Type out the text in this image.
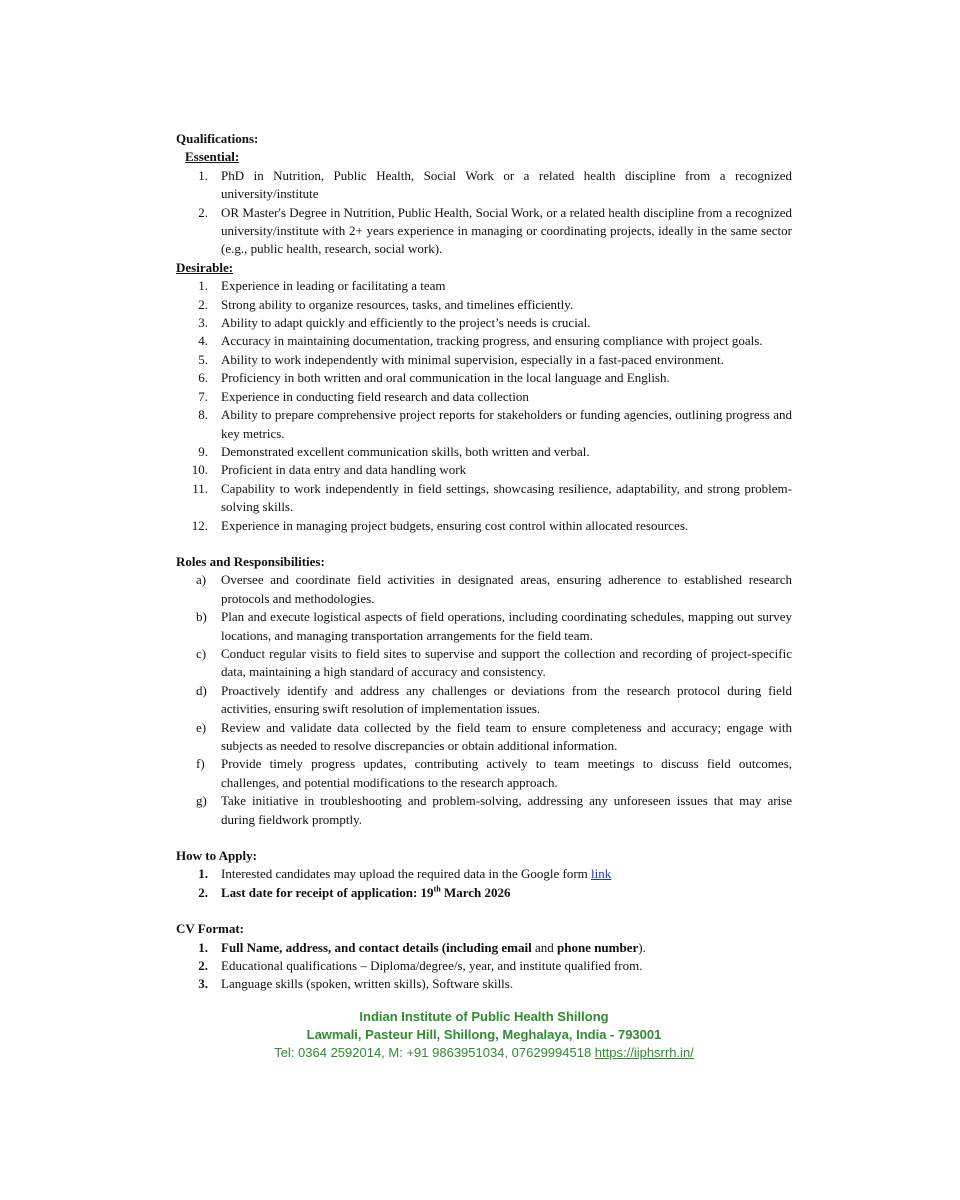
Qualifications:

Essential:

1. PhD in Nutrition, Public Health, Social Work or a related health discipline from a recognized university/institute
2. OR Master's Degree in Nutrition, Public Health, Social Work, or a related health discipline from a recognized university/institute with 2+ years experience in managing or coordinating projects, ideally in the same sector (e.g., public health, research, social work).

Desirable:

1. Experience in leading or facilitating a team
2. Strong ability to organize resources, tasks, and timelines efficiently.
3. Ability to adapt quickly and efficiently to the project’s needs is crucial.
4. Accuracy in maintaining documentation, tracking progress, and ensuring compliance with project goals.
5. Ability to work independently with minimal supervision, especially in a fast-paced environment.
6. Proficiency in both written and oral communication in the local language and English.
7. Experience in conducting field research and data collection
8. Ability to prepare comprehensive project reports for stakeholders or funding agencies, outlining progress and key metrics.
9. Demonstrated excellent communication skills, both written and verbal.
10. Proficient in data entry and data handling work
11. Capability to work independently in field settings, showcasing resilience, adaptability, and strong problem-solving skills.
12. Experience in managing project budgets, ensuring cost control within allocated resources.

Roles and Responsibilities:

a)	Oversee and coordinate field activities in designated areas, ensuring adherence to established research protocols and methodologies.
b)	Plan and execute logistical aspects of field operations, including coordinating schedules, mapping out survey locations, and managing transportation arrangements for the field team.
c)	Conduct regular visits to field sites to supervise and support the collection and recording of project-specific data, maintaining a high standard of accuracy and consistency.
d)	Proactively identify and address any challenges or deviations from the research protocol during field activities, ensuring swift resolution of implementation issues.
e)	Review and validate data collected by the field team to ensure completeness and accuracy; engage with subjects as needed to resolve discrepancies or obtain additional information.
f)	Provide timely progress updates, contributing actively to team meetings to discuss field outcomes, challenges, and potential modifications to the research approach.
g)	Take initiative in troubleshooting and problem-solving, addressing any unforeseen issues that may arise during fieldwork promptly.

How to Apply:

1. Interested candidates may upload the required data in the Google form link
2. Last date for receipt of application: 19th March 2026

CV Format:

1. Full Name, address, and contact details (including email and phone number).
2. Educational qualifications – Diploma/degree/s, year, and institute qualified from.
3. Language skills (spoken, written skills), Software skills.
Indian Institute of Public Health Shillong
Lawmali, Pasteur Hill, Shillong, Meghalaya, India - 793001
Tel: 0364 2592014, M: +91 9863951034, 07629994518 https://iiphsrrh.in/
